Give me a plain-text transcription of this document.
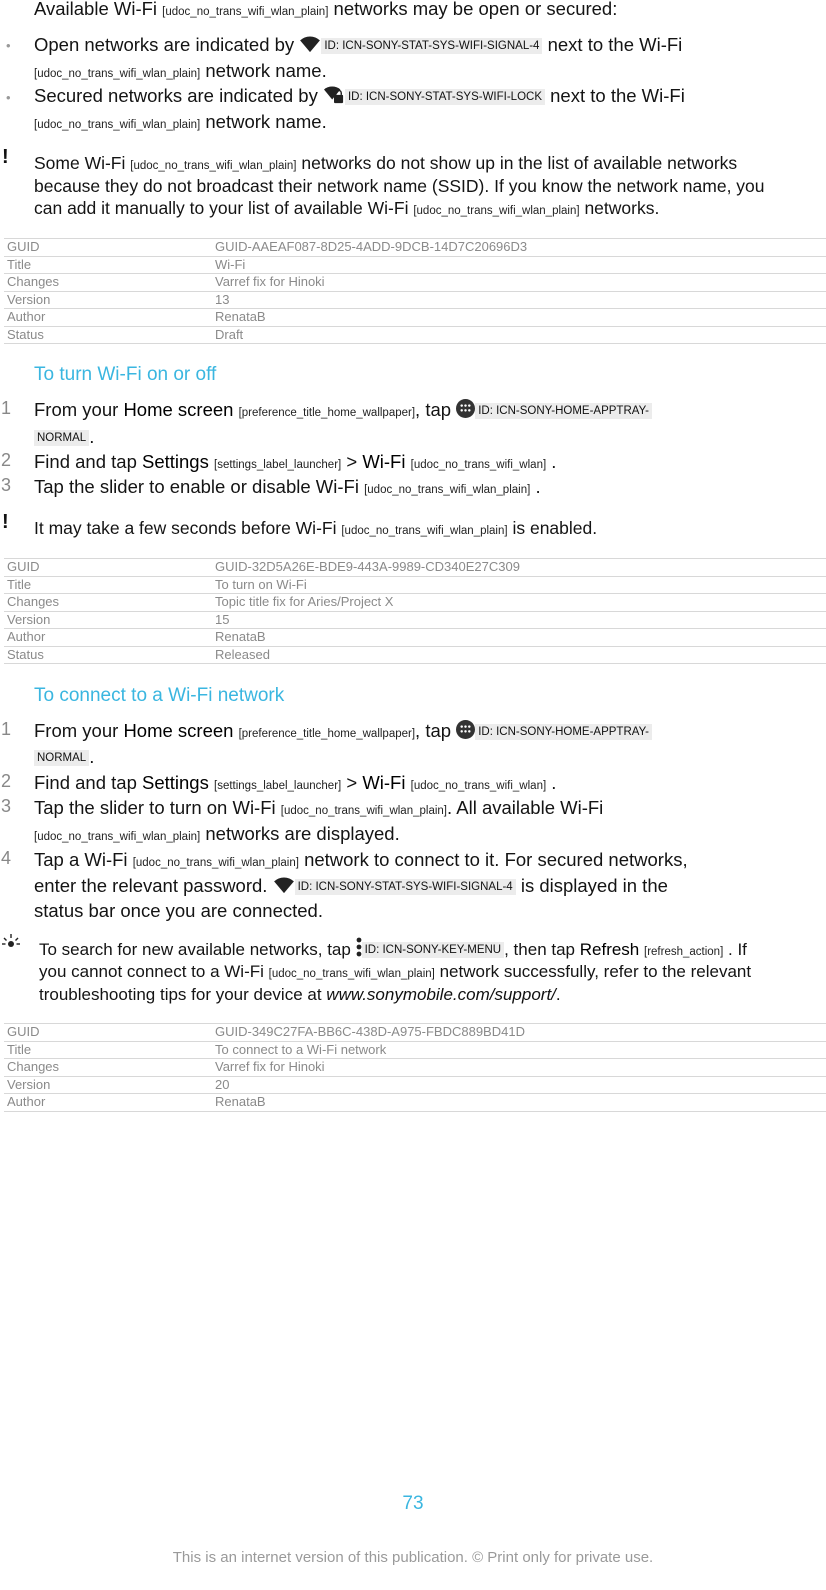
Available Wi-Fi [udoc_no_trans_wifi_wlan_plain] networks may be open or secured:
• Open networks are indicated by	ID: ICN-SONY-STAT-SYS-WIFI-SIGNAL-4 next to the Wi-Fi
[udoc_no_trans_wifi_wlan_plain] network name.
• Secured networks are indicated by	ID: ICN-SONY-STAT-SYS-WIFI-LOCK next to the Wi-Fi
[udoc_no_trans_wifi_wlan_plain] network name.
! Some Wi-Fi [udoc_no_trans_wifi_wlan_plain] networks do not show up in the list of available networks
because they do not broadcast their network name (SSID). If you know the network name, you
can add it manually to your list of available Wi-Fi [udoc_no_trans_wifi_wlan_plain] networks.
GUID	GUID-AAEAF087-8D25-4ADD-9DCB-14D7C20696D3
Title	Wi-Fi
Changes	Varref fix for Hinoki
Version	13
Author	RenataB
Status	Draft
To turn Wi-Fi on or off
1 From your Home screen [preference_title_home_wallpaper], tap ID: ICN-SONY-HOME-APPTRAY-
NORMAL .
2 Find and tap Settings [settings_label_launcher] > Wi-Fi [udoc_no_trans_wifi_wlan] .
3 Tap the slider to enable or disable Wi-Fi [udoc_no_trans_wifi_wlan_plain] .
! It may take a few seconds before Wi-Fi [udoc_no_trans_wifi_wlan_plain] is enabled.
GUID	GUID-32D5A26E-BDE9-443A-9989-CD340E27C309
Title	To turn on Wi-Fi
Changes	Topic title fix for Aries/Project X
Version	15
Author	RenataB
Status	Released
To connect to a Wi-Fi network
1 From your Home screen [preference_title_home_wallpaper], tap ID: ICN-SONY-HOME-APPTRAY-
NORMAL .
2 Find and tap Settings [settings_label_launcher] > Wi-Fi [udoc_no_trans_wifi_wlan] .
3 Tap the slider to turn on Wi-Fi [udoc_no_trans_wifi_wlan_plain]. All available Wi-Fi
[udoc_no_trans_wifi_wlan_plain] networks are displayed.
4 Tap a Wi-Fi [udoc_no_trans_wifi_wlan_plain] network to connect to it. For secured networks,
enter the relevant password.	ID: ICN-SONY-STAT-SYS-WIFI-SIGNAL-4 is displayed in the
status bar once you are connected.
To search for new available networks, tap ID: ICN-SONY-KEY-MENU , then tap Refresh [refresh_action] . If
you cannot connect to a Wi-Fi [udoc_no_trans_wifi_wlan_plain] network successfully, refer to the relevant
troubleshooting tips for your device at www.sonymobile.com/support/.
GUID	GUID-349C27FA-BB6C-438D-A975-FBDC889BD41D
Title	To connect to a Wi-Fi network
Changes	Varref fix for Hinoki
Version	20
Author	RenataB
73
This is an internet version of this publication. © Print only for private use.
